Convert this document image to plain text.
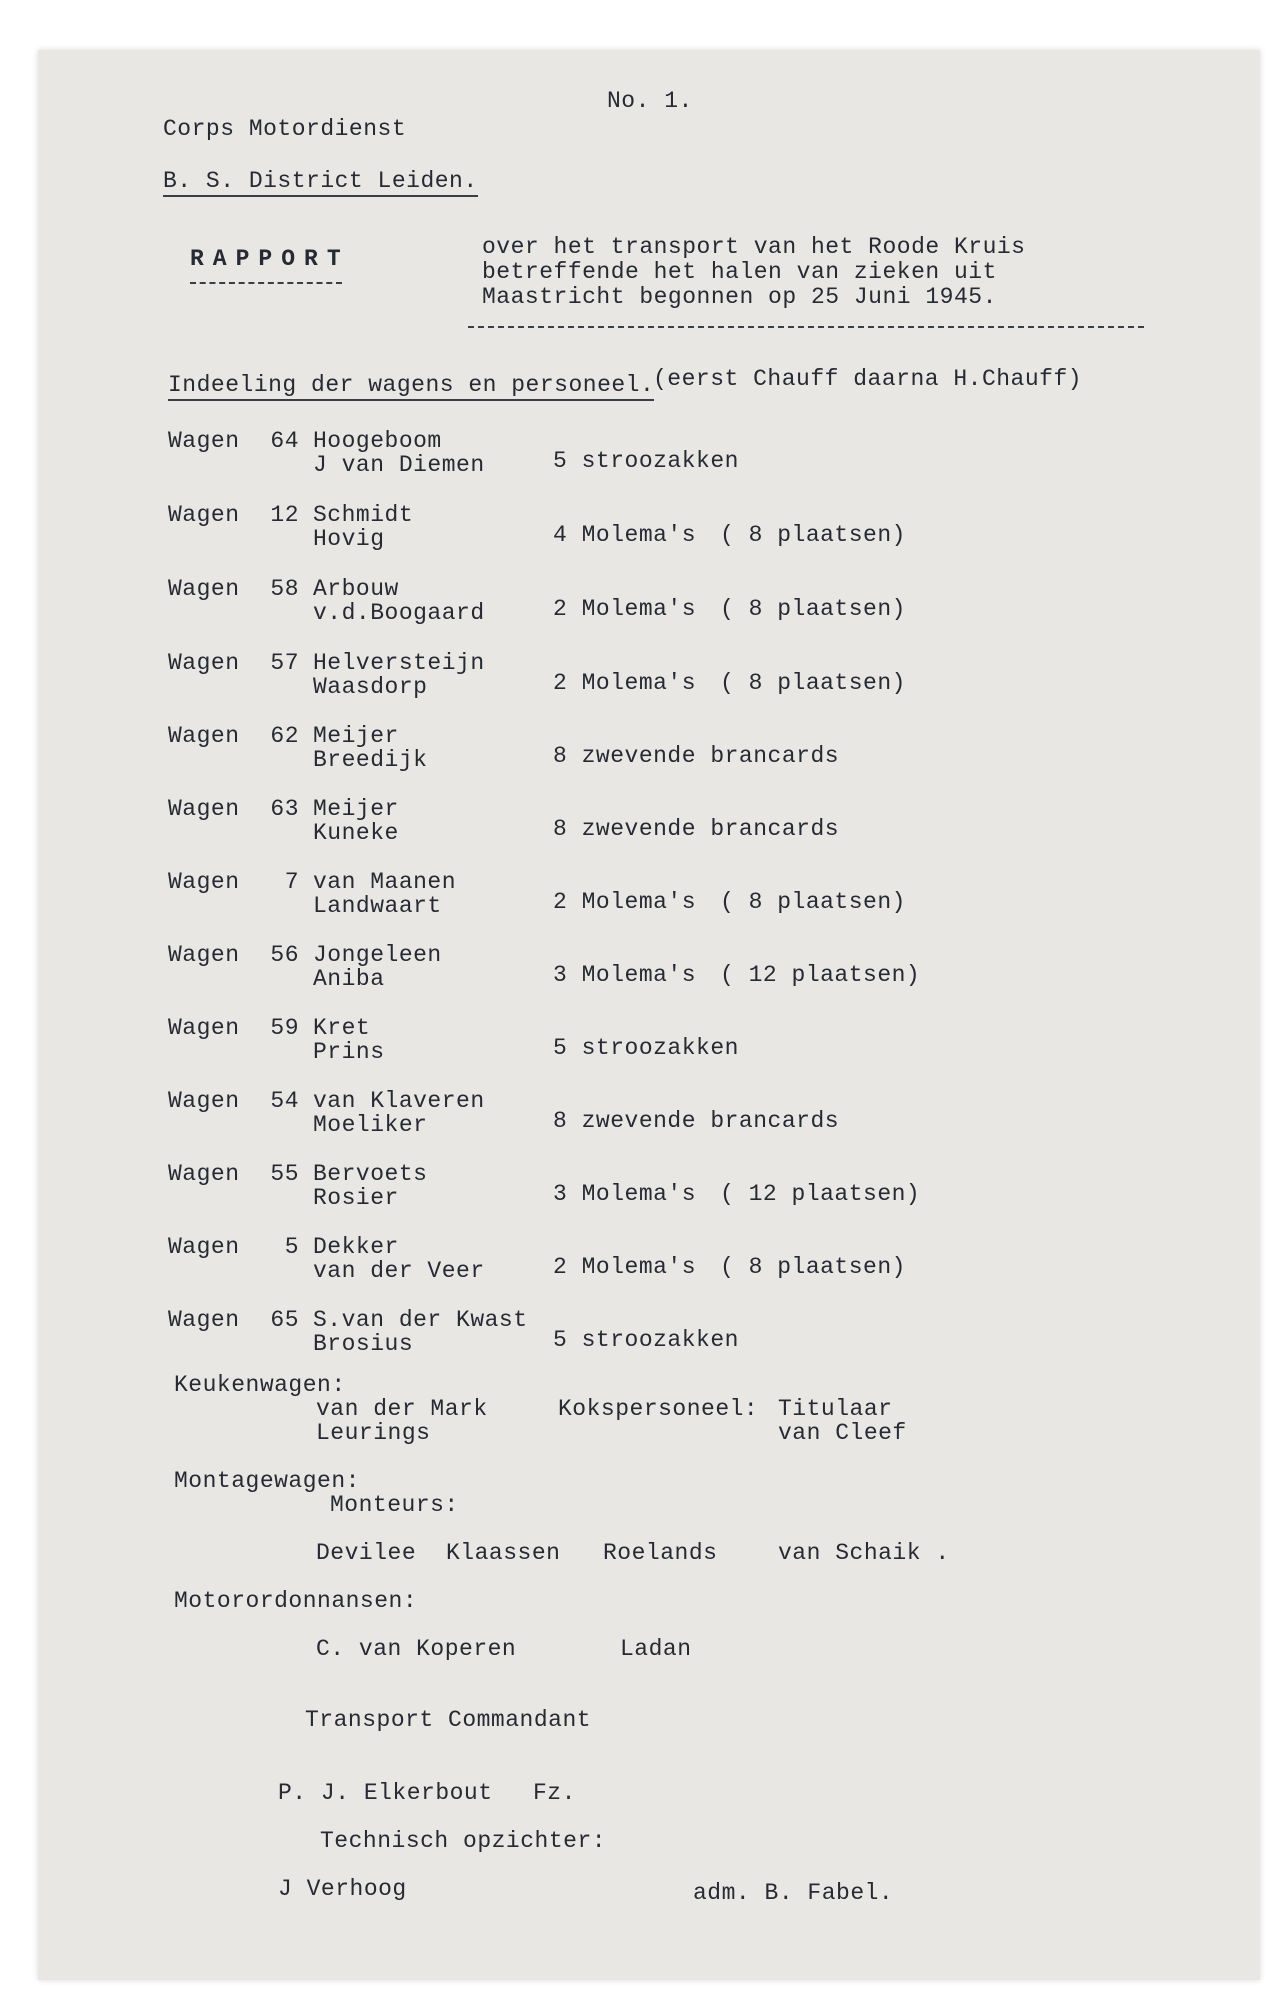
No. 1.
Corps Motordienst
B. S. District Leiden.
RAPPORT	over het transport van het Roode Kruis
betreffende het halen van zieken uit
Maastricht begonnen op 25 Juni 1945.
Indeeling der wagens en personeel.
(eerst Chauff daarna H.Chauff)
Wagen	64 Hoogeboom
J van Diemen	5 stroozakken
Wagen	12 Schmidt
Hovig	4 Molema's ( 8 plaatsen)
Wagen	58 Arbouw
v.d.Boogaard	2 Molema's ( 8 plaatsen)
Wagen	57 Helversteijn
Waasdorp	2 Molema's ( 8 plaatsen)
Wagen	62 Meijer
Breedijk	8 zwevende brancards
Wagen	63 Meijer
Kuneke	8 zwevende brancards
Wagen	7 van Maanen
Landwaart	2 Molema's ( 8 plaatsen)
Wagen	56 Jongeleen
Aniba	3 Molema's ( 12 plaatsen)
Wagen	59 Kret
Prins	5 stroozakken
Wagen	54 van Klaveren
Moeliker	8 zwevende brancards
Wagen	55 Bervoets
Rosier	3 Molema's ( 12 plaatsen)
Wagen	5 Dekker
van der Veer	2 Molema's ( 8 plaatsen)
Wagen	65 S.van der Kwast
Brosius	5 stroozakken
Keukenwagen:
van der Mark
Leurings
Kokspersoneel: Titulaar
van Cleef
Montagewagen:
Monteurs:
Devilee Klaassen Roelands	van Schaik .
Motorordonnansen:
C. van Koperen	Ladan
Transport Commandant
P. J. Elkerbout Fz.
Technisch opzichter:
J Verhoog	adm. B. Fabel.
